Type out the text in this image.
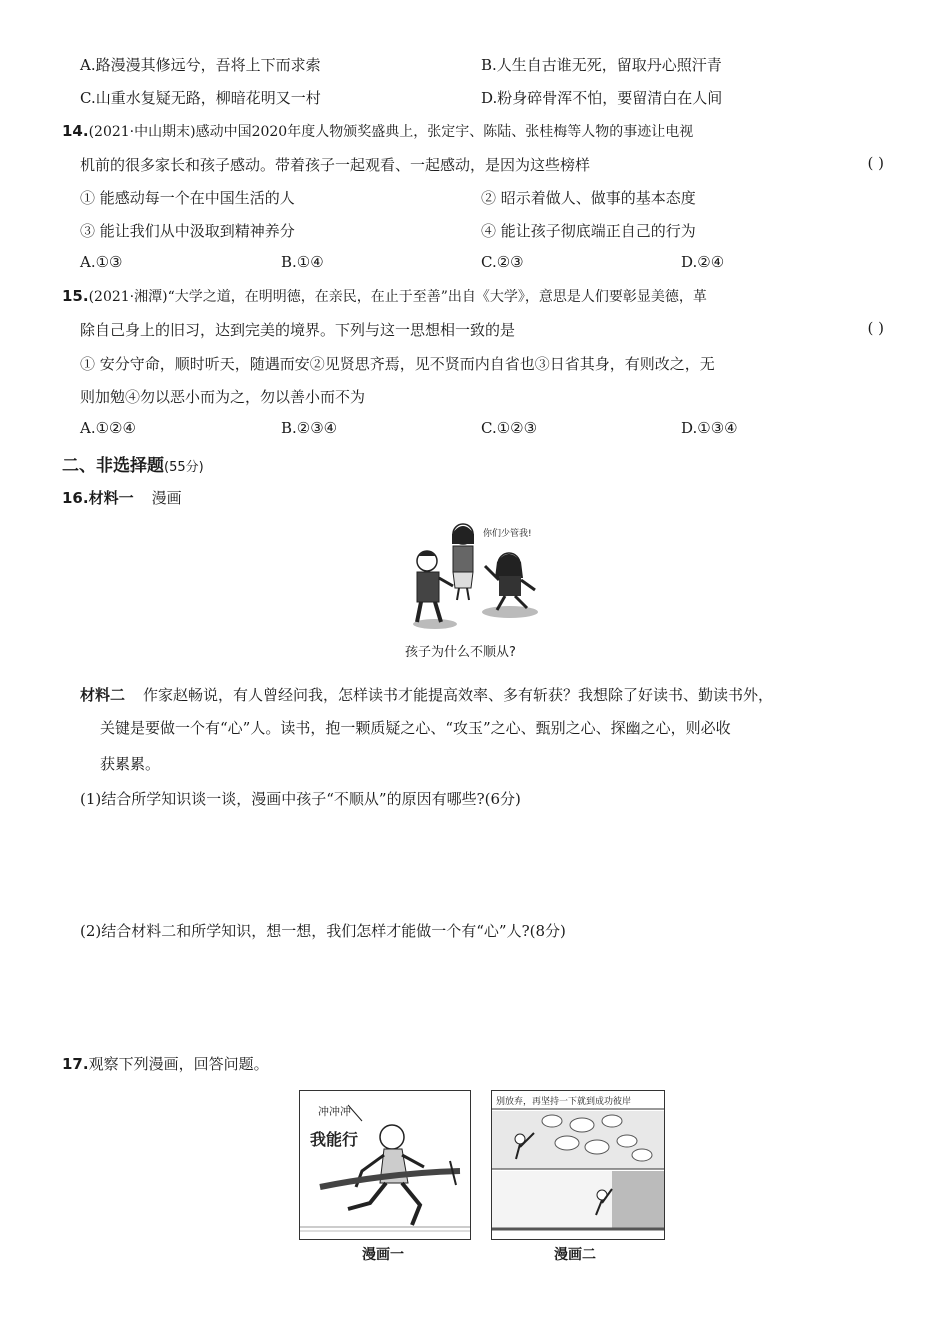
A.路漫漫其修远兮，吾将上下而求索	B.人生自古谁无死，留取丹心照汗青
C.山重水复疑无路，柳暗花明又一村	D.粉身碎骨浑不怕，要留清白在人间
14.(2021·中山期末)感动中国2020年度人物颁奖盛典上，张定宇、陈陆、张桂梅等人物的事迹让电视
机前的很多家长和孩子感动。带着孩子一起观看、一起感动，是因为这些榜样	( )
① 能感动每一个在中国生活的人	② 昭示着做人、做事的基本态度
③ 能让我们从中汲取到精神养分	④ 能让孩子彻底端正自己的行为
A.①③	B.①④	C.②③	D.②④
15.(2021·湘潭)“大学之道，在明明德，在亲民，在止于至善”出自《大学》，意思是人们要彰显美德，革
除自己身上的旧习，达到完美的境界。下列与这一思想相一致的是	( )
① 安分守命，顺时听天，随遇而安②见贤思齐焉，见不贤而内自省也③日省其身，有则改之，无
则加勉④勿以恶小而为之，勿以善小而不为
A.①②④	B.②③④	C.①②③	D.①③④
二、非选择题(55分)
16.材料一 漫画
你们少管我!
孩子为什么不顺从?
材料二 作家赵畅说，有人曾经问我，怎样读书才能提高效率、多有斩获？我想除了好读书、勤读书外，
关键是要做一个有“心”人。读书，抱一颗质疑之心、“攻玉”之心、甄别之心、探幽之心，则必收
获累累。
(1)结合所学知识谈一谈，漫画中孩子“不顺从”的原因有哪些?(6分)
(2)结合材料二和所学知识，想一想，我们怎样才能做一个有“心”人?(8分)
17.观察下列漫画，回答问题。
冲冲冲
我能行
漫画一
别放弃，再坚持一下就到成功彼岸
漫画二
